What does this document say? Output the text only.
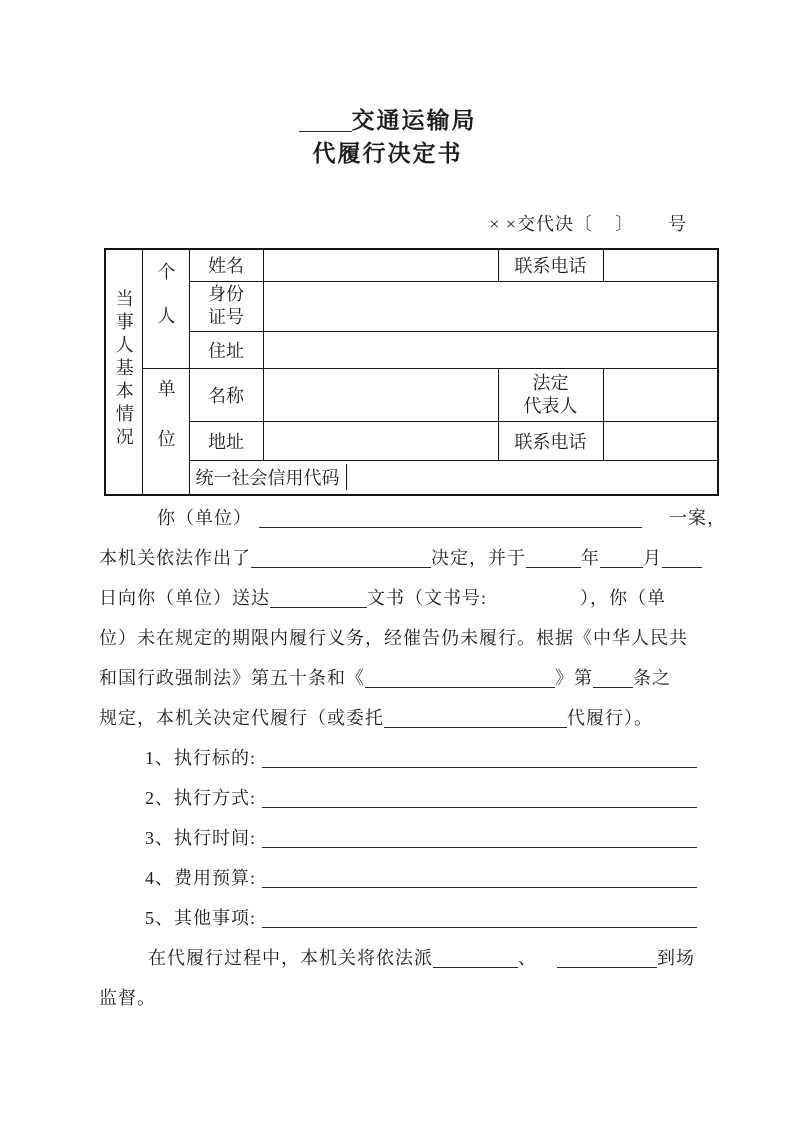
交通运输局
代履行决定书
× ×交代决〔 〕 号
当事人基本情况	个人	姓名		联系电话	
		身份
证号			
		住址			
	单位	名称		法定
代表人	
		地址		联系电话	

统一社会信用代码			
你（单位）	一案，
本机关依法作出了	决定，并于	年 月
日向你（单位）送达	文书（文书号:	），你（单
位）未在规定的期限内履行义务，经催告仍未履行。根据《中华人民共
和国行政强制法》第五十条和《	》第 条之
规定，本机关决定代履行（或委托	代履行）。
1、执行标的:
2、执行方式:
3、执行时间:
4、费用预算:
5、其他事项:
在代履行过程中，本机关将依法派	、	到场
监督。
